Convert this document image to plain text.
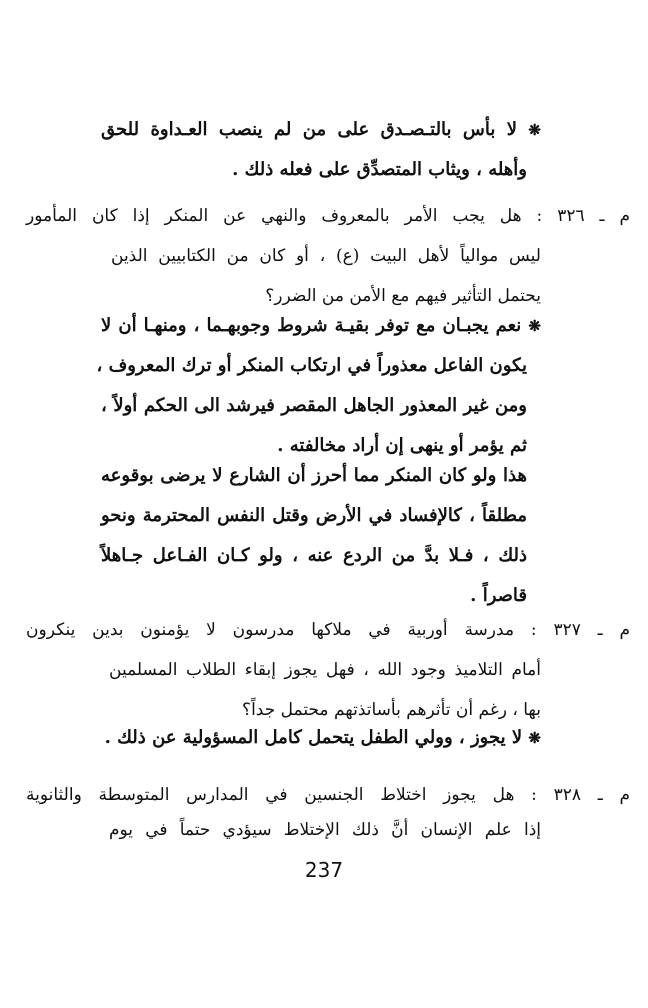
❋ لا بأس بالتـصـدق على من لم ينصب العـداوة للحق
وأهله ، ويثاب المتصدِّق على فعله ذلك .
م ـ ٣٢٦ : هل يجب الأمر بالمعروف والنهي عن المنكر إذا كان المأمور
ليس موالياً لأهل البيت (ع) ، أو كان من الكتابيين الذين
يحتمل التأثير فيهم مع الأمن من الضرر؟
❋ نعم يجبـان مع توفر بقيـة شروط وجوبهـما ، ومنهـا أن لا
يكون الفاعل معذوراً في ارتكاب المنكر أو ترك المعروف ،
ومن غير المعذور الجاهل المقصر فيرشد الى الحكم أولاً ،
ثم يؤمر أو ينهى إن أراد مخالفته .
هذا ولو كان المنكر مما أحرز أن الشارع لا يرضى بوقوعه
مطلقاً ، كالإفساد في الأرض وقتل النفس المحترمة ونحو
ذلك ، فـلا بدَّ من الردع عنه ، ولو كـان الفـاعل جـاهلاً
قاصراً .
م ـ ٣٢٧ : مدرسة أوربية في ملاكها مدرسون لا يؤمنون بدين ينكرون
أمام التلاميذ وجود الله ، فهل يجوز إبقاء الطلاب المسلمين
بها ، رغم أن تأثرهم بأساتذتهم محتمل جداً؟
❋ لا يجوز ، وولي الطفل يتحمل كامل المسؤولية عن ذلك .
م ـ ٣٢٨ : هل يجوز اختلاط الجنسين في المدارس المتوسطة والثانوية
إذا علم الإنسان أنَّ ذلك الإختلاط سيؤدي حتماً في يوم
237
